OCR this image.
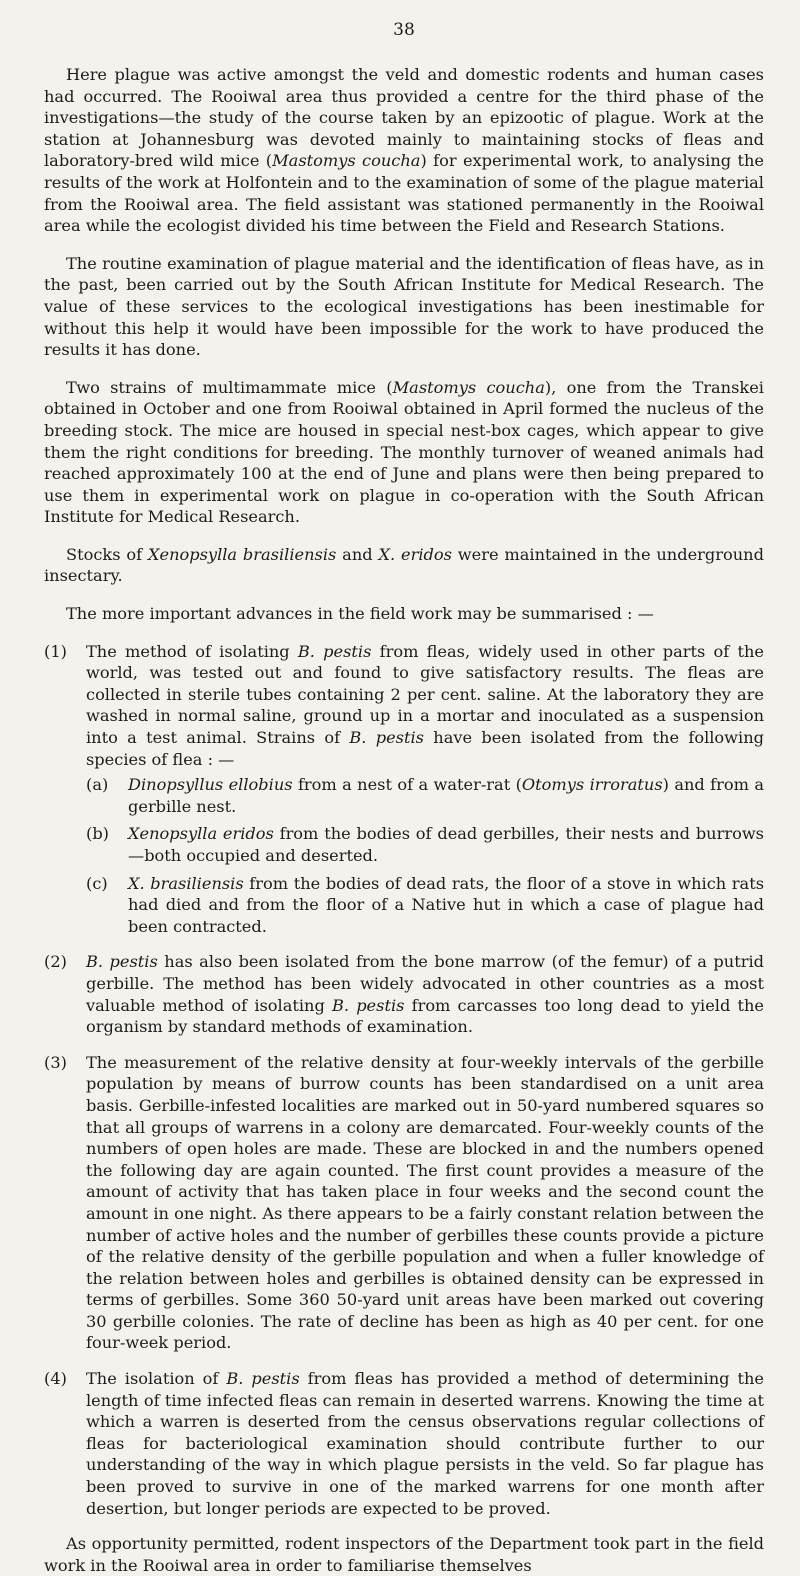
38

Here plague was active amongst the veld and domestic rodents and human cases had occurred. The Rooiwal area thus provided a centre for the third phase of the investigations—the study of the course taken by an epizootic of plague. Work at the station at Johannesburg was devoted mainly to maintaining stocks of fleas and laboratory-bred wild mice (Mastomys coucha) for experimental work, to analysing the results of the work at Holfontein and to the examination of some of the plague material from the Rooiwal area. The field assistant was stationed permanently in the Rooiwal area while the ecologist divided his time between the Field and Research Stations.

The routine examination of plague material and the identification of fleas have, as in the past, been carried out by the South African Institute for Medical Research. The value of these services to the ecological investigations has been inestimable for without this help it would have been impossible for the work to have produced the results it has done.

Two strains of multimammate mice (Mastomys coucha), one from the Transkei obtained in October and one from Rooiwal obtained in April formed the nucleus of the breeding stock. The mice are housed in special nest-box cages, which appear to give them the right conditions for breeding. The monthly turnover of weaned animals had reached approximately 100 at the end of June and plans were then being prepared to use them in experimental work on plague in co-operation with the South African Institute for Medical Research.

Stocks of Xenopsylla brasiliensis and X. eridos were maintained in the underground insectary.

The more important advances in the field work may be summarised : —

(1)	The method of isolating B. pestis from fleas, widely used in other parts of the world, was tested out and found to give satisfactory results. The fleas are collected in sterile tubes containing 2 per cent. saline. At the laboratory they are washed in normal saline, ground up in a mortar and inoculated as a suspension into a test animal. Strains of B. pestis have been isolated from the following species of flea : —
(a)	Dinopsyllus ellobius from a nest of a water-rat (Otomys irroratus) and from a gerbille nest.
(b)	Xenopsylla eridos from the bodies of dead gerbilles, their nests and burrows—both occupied and deserted.
(c)	X. brasiliensis from the bodies of dead rats, the floor of a stove in which rats had died and from the floor of a Native hut in which a case of plague had been contracted.
(2)	B. pestis has also been isolated from the bone marrow (of the femur) of a putrid gerbille. The method has been widely advocated in other countries as a most valuable method of isolating B. pestis from carcasses too long dead to yield the organism by standard methods of examination.
(3)	The measurement of the relative density at four-weekly intervals of the gerbille population by means of burrow counts has been standardised on a unit area basis. Gerbille-infested localities are marked out in 50-yard numbered squares so that all groups of warrens in a colony are demarcated. Four-weekly counts of the numbers of open holes are made. These are blocked in and the numbers opened the following day are again counted. The first count provides a measure of the amount of activity that has taken place in four weeks and the second count the amount in one night. As there appears to be a fairly constant relation between the number of active holes and the number of gerbilles these counts provide a picture of the relative density of the gerbille population and when a fuller knowledge of the relation between holes and gerbilles is obtained density can be expressed in terms of gerbilles. Some 360 50-yard unit areas have been marked out covering 30 gerbille colonies. The rate of decline has been as high as 40 per cent. for one four-week period.
(4)	The isolation of B. pestis from fleas has provided a method of determining the length of time infected fleas can remain in deserted warrens. Knowing the time at which a warren is deserted from the census observations regular collections of fleas for bacteriological examination should contribute further to our understanding of the way in which plague persists in the veld. So far plague has been proved to survive in one of the marked warrens for one month after desertion, but longer periods are expected to be proved.

As opportunity permitted, rodent inspectors of the Department took part in the field work in the Rooiwal area in order to familiarise themselves
